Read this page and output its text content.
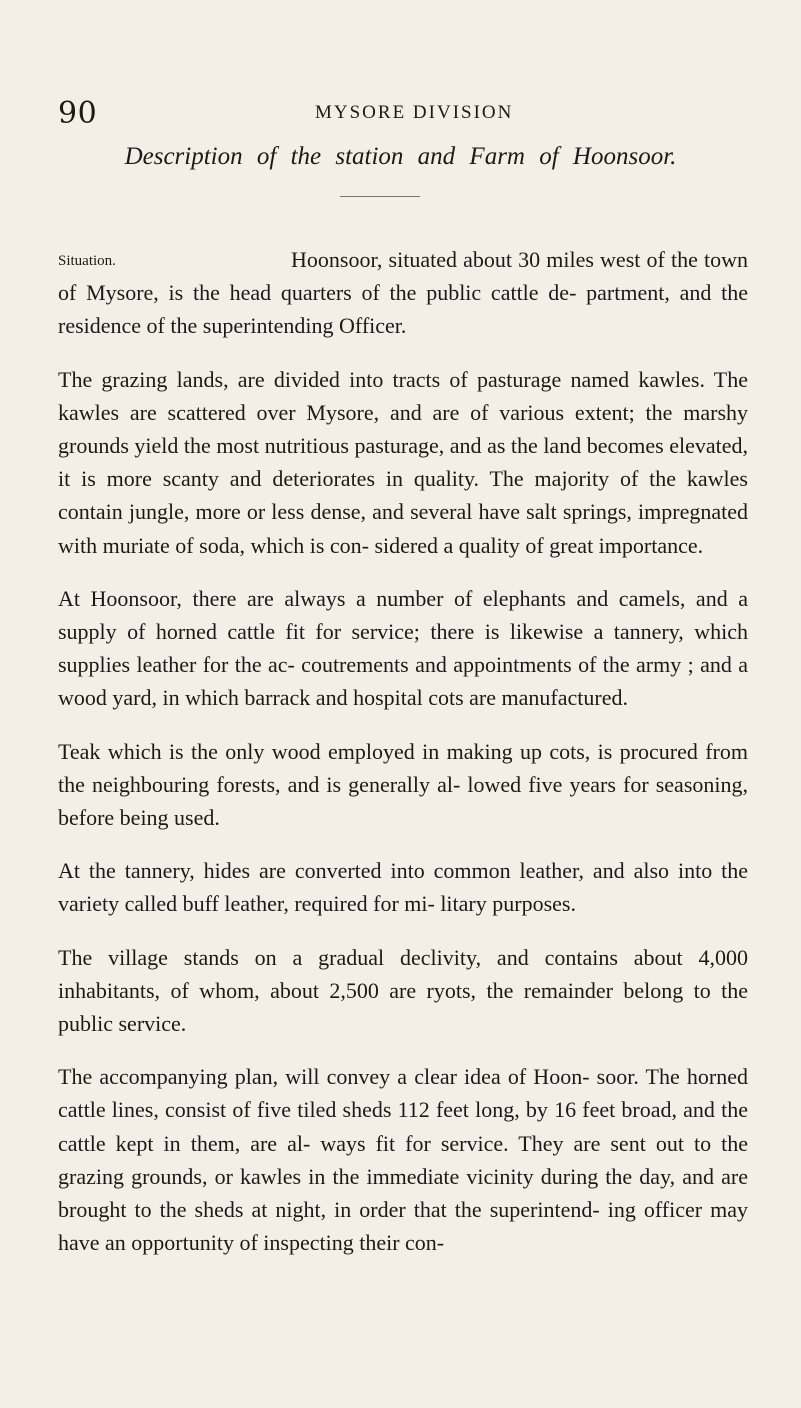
90	MYSORE DIVISION
Description of the station and Farm of Hoonsoor.
Situation.	Hoonsoor, situated about 30 miles west of the town of Mysore, is the head quarters of the public cattle de- partment, and the residence of the superintending Officer.

The grazing lands, are divided into tracts of pasturage named kawles. The kawles are scattered over Mysore, and are of various extent; the marshy grounds yield the most nutritious pasturage, and as the land becomes elevated, it is more scanty and deteriorates in quality. The majority of the kawles contain jungle, more or less dense, and several have salt springs, impregnated with muriate of soda, which is con- sidered a quality of great importance.

At Hoonsoor, there are always a number of elephants and camels, and a supply of horned cattle fit for service; there is likewise a tannery, which supplies leather for the ac- coutrements and appointments of the army ; and a wood yard, in which barrack and hospital cots are manufactured.

Teak which is the only wood employed in making up cots, is procured from the neighbouring forests, and is generally al- lowed five years for seasoning, before being used.

At the tannery, hides are converted into common leather, and also into the variety called buff leather, required for mi- litary purposes.

The village stands on a gradual declivity, and contains about 4,000 inhabitants, of whom, about 2,500 are ryots, the remainder belong to the public service.

The accompanying plan, will convey a clear idea of Hoon- soor. The horned cattle lines, consist of five tiled sheds 112 feet long, by 16 feet broad, and the cattle kept in them, are al- ways fit for service. They are sent out to the grazing grounds, or kawles in the immediate vicinity during the day, and are brought to the sheds at night, in order that the superintend- ing officer may have an opportunity of inspecting their con-
